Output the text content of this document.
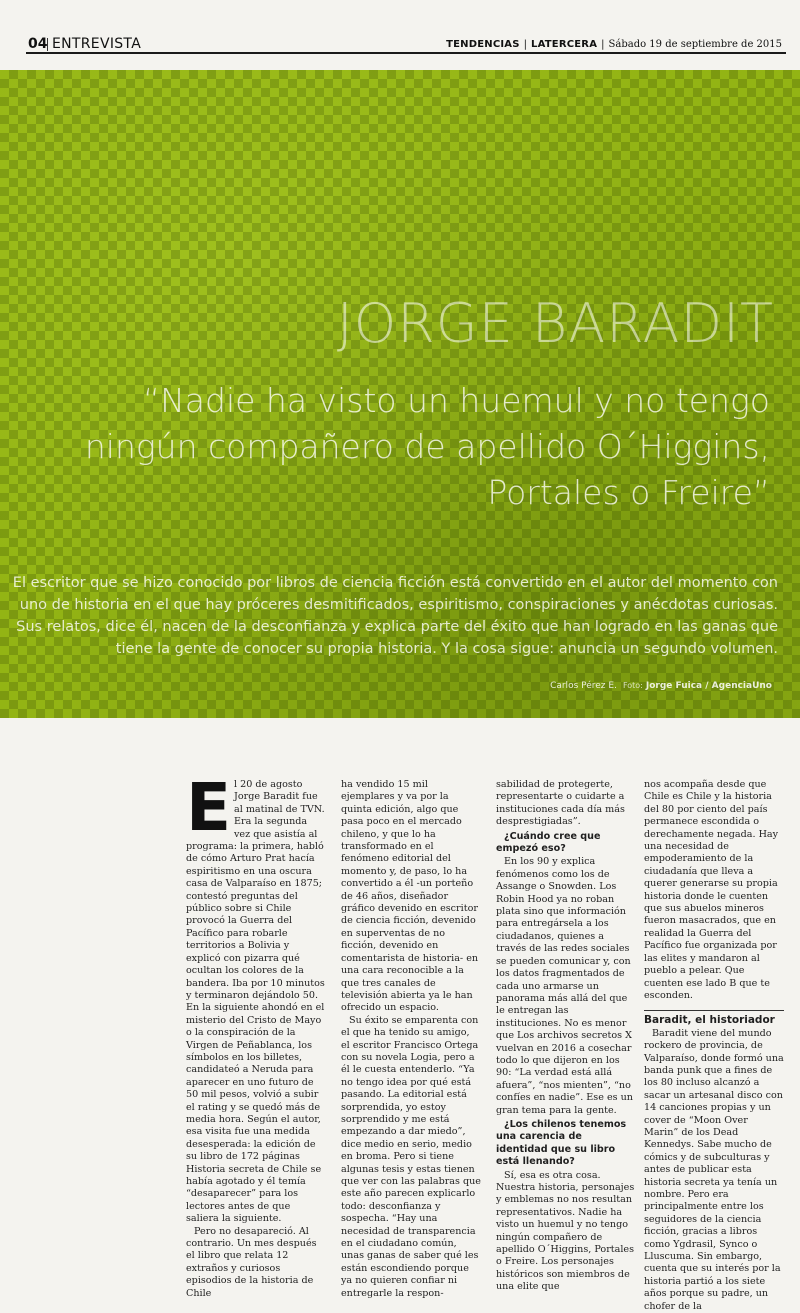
04 ENTREVISTA	TENDENCIAS | LATERCERA | Sábado 19 de septiembre de 2015
JORGE BARADIT
“Nadie ha visto un huemul y no tengo ningún compañero de apellido O´Higgins, Portales o Freire”
El escritor que se hizo conocido por libros de ciencia ficción está convertido en el autor del momento con uno de historia en el que hay próceres desmitificados, espiritismo, conspiraciones y anécdotas curiosas. Sus relatos, dice él, nacen de la desconfianza y explica parte del éxito que han logrado en las ganas que tiene la gente de conocer su propia historia. Y la cosa sigue: anuncia un segundo volumen.
Carlos Pérez E. Foto: Jorge Fuica / AgenciaUno
E l 20 de agosto Jorge Baradit fue al matinal de TVN. Era la segunda vez que asistía al programa: la primera, habló de cómo Arturo Prat hacía espiritismo en una oscura casa de Valparaíso en 1875; contestó preguntas del público sobre si Chile provocó la Guerra del Pacífico para robarle territorios a Bolivia y explicó con pizarra qué ocultan los colores de la bandera. Iba por 10 minutos y terminaron dejándolo 50. En la siguiente ahondó en el misterio del Cristo de Mayo o la conspiración de la Virgen de Peñablanca, los símbolos en los billetes, candidateó a Neruda para aparecer en uno futuro de 50 mil pesos, volvió a subir el rating y se quedó más de media hora. Según el autor, esa visita fue una medida desesperada: la edición de su libro de 172 páginas Historia secreta de Chile se había agotado y él temía “desaparecer” para los lectores antes de que saliera la siguiente.

Pero no desapareció. Al contrario. Un mes después el libro que relata 12 extraños y curiosos episodios de la historia de Chile

ha vendido 15 mil ejemplares y va por la quinta edición, algo que pasa poco en el mercado chileno, y que lo ha transformado en el fenómeno editorial del momento y, de paso, lo ha convertido a él -un porteño de 46 años, diseñador gráfico devenido en escritor de ciencia ficción, devenido en superventas de no ficción, devenido en comentarista de historia- en una cara reconocible a la que tres canales de televisión abierta ya le han ofrecido un espacio.

Su éxito se emparenta con el que ha tenido su amigo, el escritor Francisco Ortega con su novela Logia, pero a él le cuesta entenderlo. “Ya no tengo idea por qué está pasando. La editorial está sorprendida, yo estoy sorprendido y me está empezando a dar miedo”, dice medio en serio, medio en broma. Pero si tiene algunas tesis y estas tienen que ver con las palabras que este año parecen explicarlo todo: desconfianza y sospecha. “Hay una necesidad de transparencia en el ciudadano común, unas ganas de saber qué les están escondiendo porque ya no quieren confiar ni entregarle la respon-

sabilidad de protegerte, representarte o cuidarte a instituciones cada día más desprestigiadas”.

¿Cuándo cree que empezó eso?

En los 90 y explica fenómenos como los de Assange o Snowden. Los Robin Hood ya no roban plata sino que información para entregársela a los ciudadanos, quienes a través de las redes sociales se pueden comunicar y, con los datos fragmentados de cada uno armarse un panorama más allá del que le entregan las instituciones. No es menor que Los archivos secretos X vuelvan en 2016 a cosechar todo lo que dijeron en los 90: “La verdad está allá afuera”, “nos mienten”, “no confíes en nadie”. Ese es un gran tema para la gente.

¿Los chilenos tenemos una carencia de identidad que su libro está llenando?

Sí, esa es otra cosa. Nuestra historia, personajes y emblemas no nos resultan representativos. Nadie ha visto un huemul y no tengo ningún compañero de apellido O´Higgins, Portales o Freire. Los personajes históricos son miembros de una elite que

nos acompaña desde que Chile es Chile y la historia del 80 por ciento del país permanece escondida o derechamente negada. Hay una necesidad de empoderamiento de la ciudadanía que lleva a querer generarse su propia historia donde le cuenten que sus abuelos mineros fueron masacrados, que en realidad la Guerra del Pacífico fue organizada por las elites y mandaron al pueblo a pelear. Que cuenten ese lado B que te esconden.

Baradit, el historiador

Baradit viene del mundo rockero de provincia, de Valparaíso, donde formó una banda punk que a fines de los 80 incluso alcanzó a sacar un artesanal disco con 14 canciones propias y un cover de “Moon Over Marin” de los Dead Kennedys. Sabe mucho de cómics y de subculturas y antes de publicar esta historia secreta ya tenía un nombre. Pero era principalmente entre los seguidores de la ciencia ficción, gracias a libros como Ygdrasil, Synco o Lluscuma. Sin embargo, cuenta que su interés por la historia partió a los siete años porque su padre, un chofer de la
